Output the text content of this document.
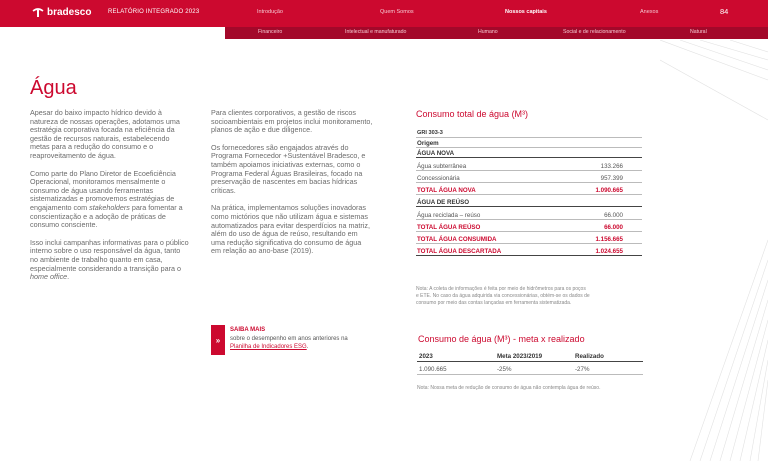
bradesco	RELATÓRIO INTEGRADO 2023	Introdução	Quem Somos	Nossos capitais	Anexos	84
Financeiro	Intelectual e manufaturado	Humano	Social e de relacionamento	Natural
Água

Apesar do baixo impacto hídrico devido à natureza de nossas operações, adotamos uma estratégia corporativa focada na eficiência da gestão de recursos naturais, estabelecendo metas para a redução do consumo e o reaproveitamento de água.

Como parte do Plano Diretor de Ecoeficiência Operacional, monitoramos mensalmente o consumo de água usando ferramentas sistematizadas e promovemos estratégias de engajamento com stakeholders para fomentar a conscientização e a adoção de práticas de consumo consciente.

Isso inclui campanhas informativas para o público interno sobre o uso responsável da água, tanto no ambiente de trabalho quanto em casa, especialmente considerando a transição para o home office.

Para clientes corporativos, a gestão de riscos socioambientais em projetos inclui monitoramento, planos de ação e due diligence.

Os fornecedores são engajados através do Programa Fornecedor +Sustentável Bradesco, e também apoiamos iniciativas externas, como o Programa Federal Águas Brasileiras, focado na preservação de nascentes em bacias hídricas críticas.

Na prática, implementamos soluções inovadoras como mictórios que não utilizam água e sistemas automatizados para evitar desperdícios na matriz, além do uso de água de reúso, resultando em uma redução significativa do consumo de água em relação ao ano-base (2019).

»
SAIBA MAIS
sobre o desempenho em anos anteriores na
Planilha de Indicadores ESG.
Consumo total de água (M³)
GRI 303-3
Origem
ÁGUA NOVA
Água subterrânea	133.266
Concessionária	957.399
TOTAL ÁGUA NOVA	1.090.665
ÁGUA DE REÚSO
Água reciclada – reúso	66.000
TOTAL ÁGUA REÚSO	66.000
TOTAL ÁGUA CONSUMIDA	1.156.665
TOTAL ÁGUA DESCARTADA	1.024.655
Nota: A coleta de informações é feita por meio de hidrômetros para os poços
e ETE. No caso da água adquirida via concessionárias, obtém-se os dados de
consumo por meio das contas lançadas em ferramenta sistematizada.
Consumo de água (M³) - meta x realizado
2023	Meta 2023/2019	Realizado
1.090.665	-25%	-27%
Nota: Nossa meta de redução de consumo de água não contempla água de reúso.
